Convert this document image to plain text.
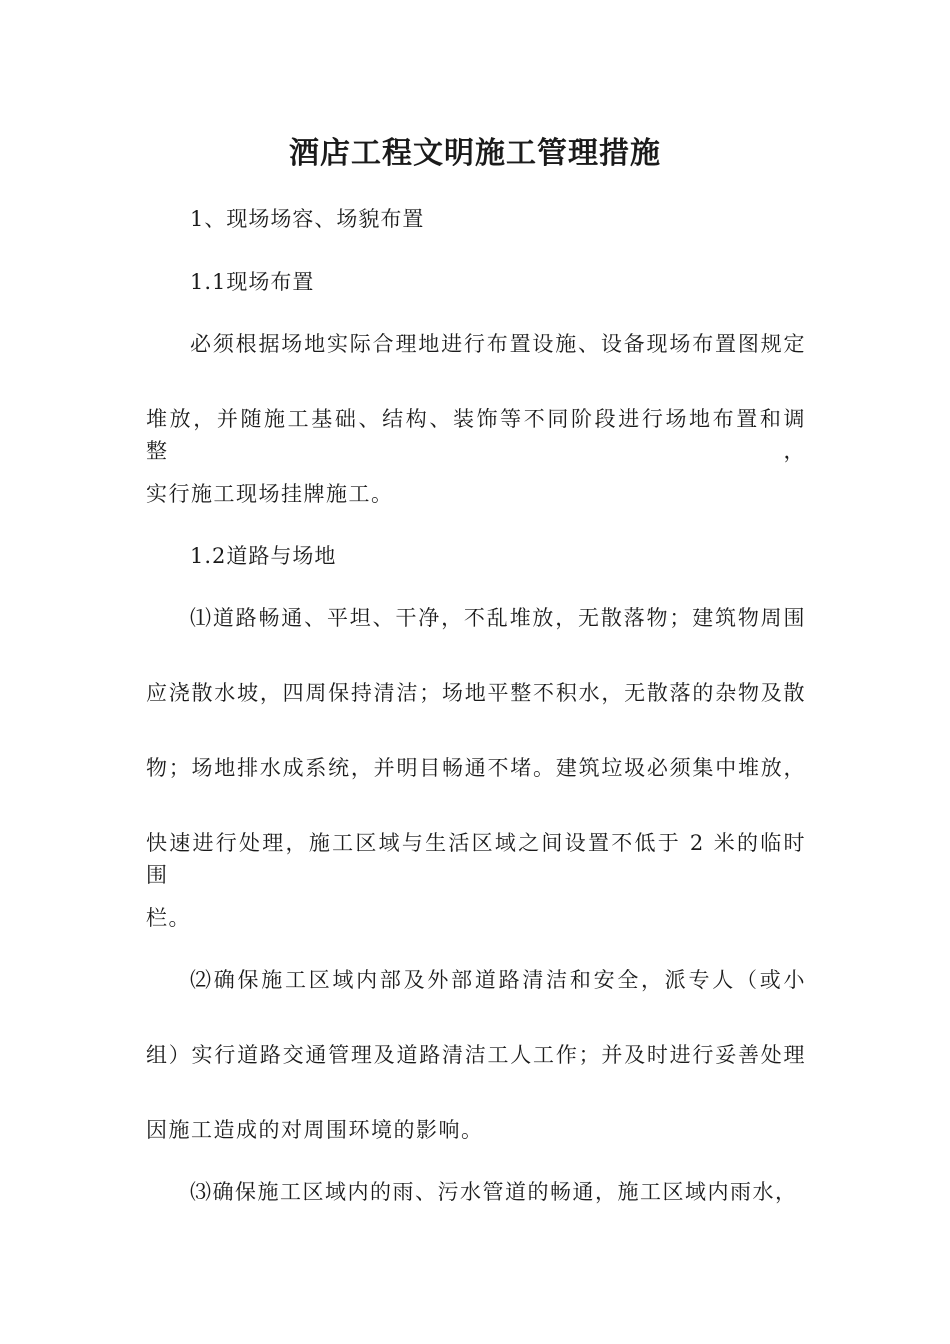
酒店工程文明施工管理措施
1、现场场容、场貌布置
1.1现场布置
必须根据场地实际合理地进行布置设施、设备现场布置图规定
堆放，并随施工基础、结构、装饰等不同阶段进行场地布置和调整，
实行施工现场挂牌施工。
1.2道路与场地
⑴道路畅通、平坦、干净，不乱堆放，无散落物；建筑物周围
应浇散水坡，四周保持清洁；场地平整不积水，无散落的杂物及散
物；场地排水成系统，并明目畅通不堵。建筑垃圾必须集中堆放，
快速进行处理，施工区域与生活区域之间设置不低于 2 米的临时围
栏。
⑵确保施工区域内部及外部道路清洁和安全，派专人（或小
组）实行道路交通管理及道路清洁工人工作；并及时进行妥善处理
因施工造成的对周围环境的影响。
⑶确保施工区域内的雨、污水管道的畅通，施工区域内雨水，
